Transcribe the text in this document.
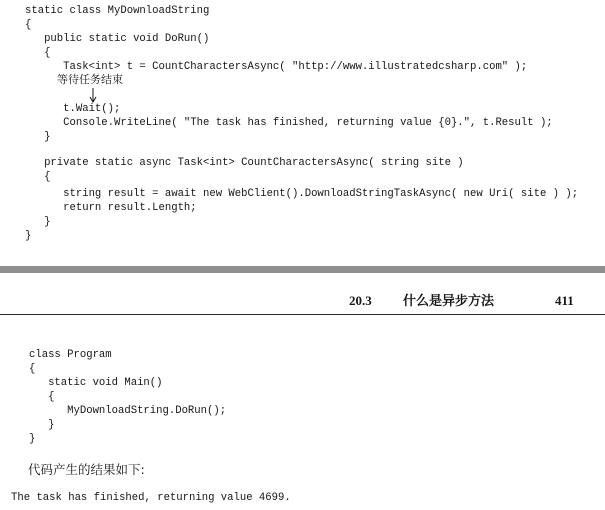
static class MyDownloadString
{
public static void DoRun()
{
Task<int> t = CountCharactersAsync( "http://www.illustratedcsharp.com" );
t.Wait();
Console.WriteLine( "The task has finished, returning value {0}.", t.Result );
}
private static async Task<int> CountCharactersAsync( string site )
{
string result = await new WebClient().DownloadStringTaskAsync( new Uri( site ) );
return result.Length;
}
}
等待任务结束
20.3 什么是异步方法	411
class Program
{
static void Main()
{
MyDownloadString.DoRun();
}
}
代码产生的结果如下:
The task has finished, returning value 4699.
